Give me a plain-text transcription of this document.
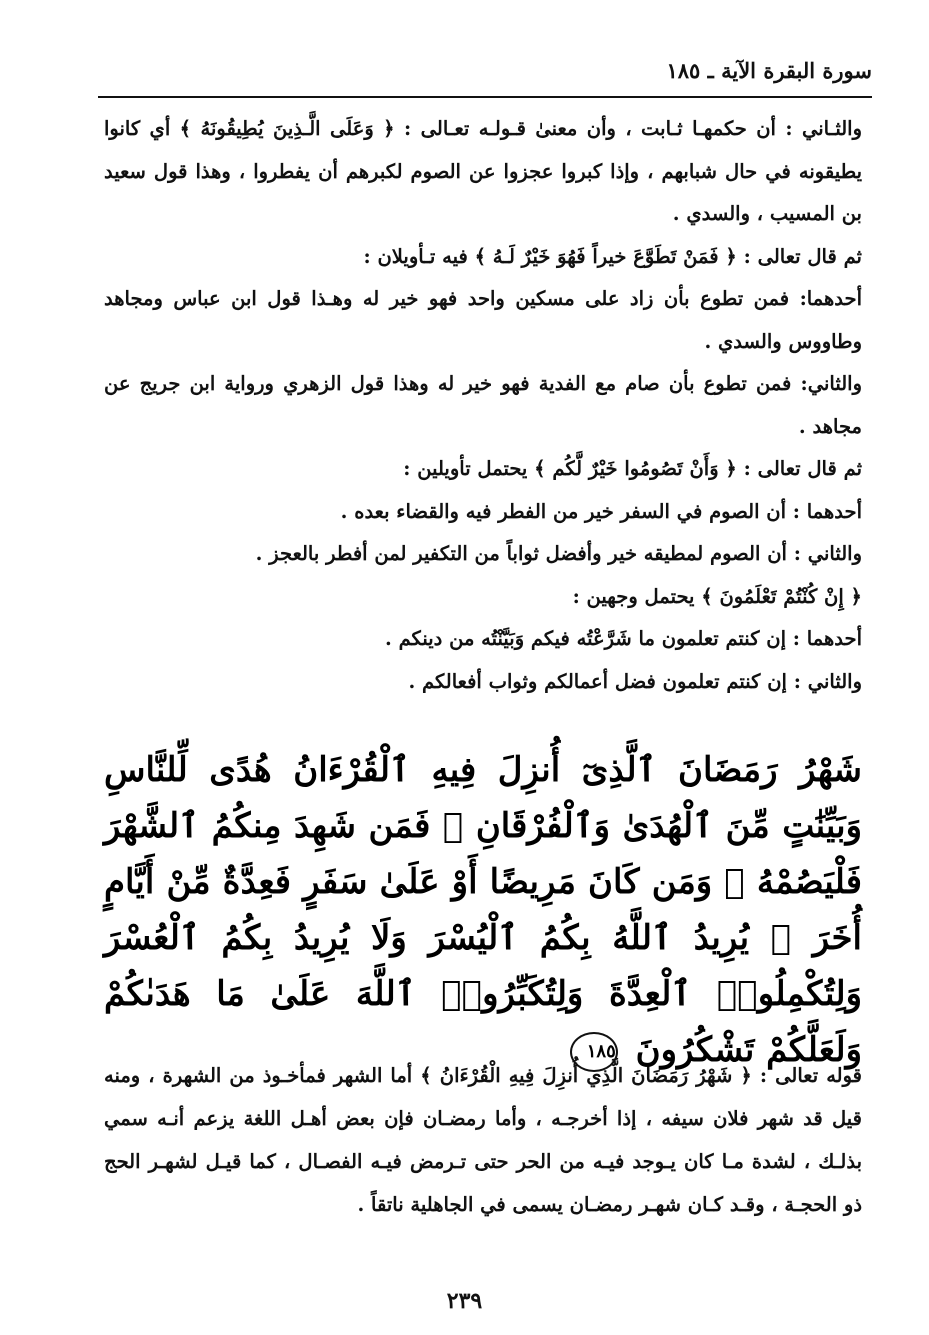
سورة البقرة الآية ـ ١٨٥

والثـاني : أن حكمهـا ثـابت ، وأن معنىٰ قـولـه تعـالى : ﴿ وَعَلَى الَّـذِينَ يُطِيقُونَهُ ﴾ أي كانوا يطيقونه في حال شبابهم ، وإذا كبروا عجزوا عن الصوم لكبرهم أن يفطروا ، وهذا قول سعيد بن المسيب ، والسدي .

ثم قال تعالى : ﴿ فَمَنْ تَطَوَّعَ خيراً فَهُوَ خَيْرٌ لَـهُ ﴾ فيه تـأويلان :

أحدهما: فمن تطوع بأن زاد على مسكين واحد فهو خير له وهـذا قول ابن عباس ومجاهد وطاووس والسدي .

والثاني: فمن تطوع بأن صام مع الفدية فهو خير له وهذا قول الزهري ورواية ابن جريج عن مجاهد .

ثم قال تعالى : ﴿ وَأَنْ تَصُومُوا خَيْرٌ لَّكُم ﴾ يحتمل تأويلين :

أحدهما : أن الصوم في السفر خير من الفطر فيه والقضاء بعده .

والثاني : أن الصوم لمطيقه خير وأفضل ثواباً من التكفير لمن أفطر بالعجز .

﴿ إِنْ كُنْتُمْ تَعْلَمُونَ ﴾ يحتمل وجهين :

أحدهما : إن كنتم تعلمون ما شَرَّعْتُه فيكم وَبَيَّنْتُه من دينكم .

والثاني : إن كنتم تعلمون فضل أعمالكم وثواب أفعالكم .

شَهْرُ رَمَضَانَ ٱلَّذِىٓ أُنزِلَ فِيهِ ٱلْقُرْءَانُ هُدًى لِّلنَّاسِ وَبَيِّنَٰتٍ مِّنَ ٱلْهُدَىٰ وَٱلْفُرْقَانِ ۚ فَمَن شَهِدَ مِنكُمُ ٱلشَّهْرَ فَلْيَصُمْهُ ۖ وَمَن كَانَ مَرِيضًا أَوْ عَلَىٰ سَفَرٍ فَعِدَّةٌ مِّنْ أَيَّامٍ أُخَرَ ۗ يُرِيدُ ٱللَّهُ بِكُمُ ٱلْيُسْرَ وَلَا يُرِيدُ بِكُمُ ٱلْعُسْرَ وَلِتُكْمِلُوا۟ ٱلْعِدَّةَ وَلِتُكَبِّرُوا۟ ٱللَّهَ عَلَىٰ مَا هَدَىٰكُمْ وَلَعَلَّكُمْ تَشْكُرُونَ ١٨٥
قوله تعالى : ﴿ شَهْرُ رَمَضَانَ الَّذِي أُنزِلَ فِيهِ الْقُرْءَانُ ﴾ أما الشهر فمأخـوذ من الشهرة ، ومنه قيل قد شهر فلان سيفه ، إذا أخرجـه ، وأما رمضـان فإن بعض أهـل اللغة يزعم أنـه سمي بذلـك ، لشدة مـا كان يـوجد فيـه من الحر حتى تـرمض فيـه الفصـال ، كما قيـل لشهـر الحج ذو الحجـة ، وقـد كـان شهـر رمضـان يسمى في الجاهلية ناتقاً .
٢٣٩
